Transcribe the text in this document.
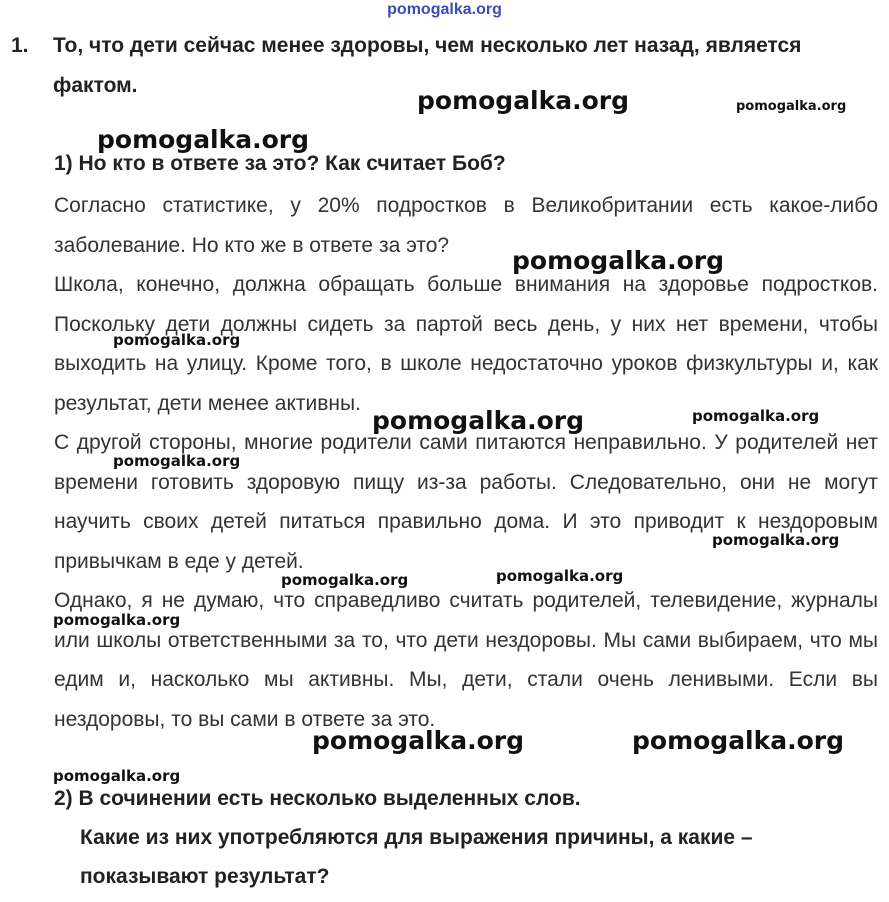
pomogalka.org
1. То, что дети сейчас менее здоровы, чем несколько лет назад, является
фактом.
1) Но кто в ответе за это? Как считает Боб?
Согласно статистике, у 20% подростков в Великобритании есть какое-либо заболевание. Но кто же в ответе за это?
Школа, конечно, должна обращать больше внимания на здоровье подростков. Поскольку дети должны сидеть за партой весь день, у них нет времени, чтобы выходить на улицу. Кроме того, в школе недостаточно уроков физкультуры и, как результат, дети менее активны.
С другой стороны, многие родители сами питаются неправильно. У родителей нет времени готовить здоровую пищу из-за работы. Следовательно, они не могут научить своих детей питаться правильно дома. И это приводит к нездоровым привычкам в еде у детей.
Однако, я не думаю, что справедливо считать родителей, телевидение, журналы или школы ответственными за то, что дети нездоровы. Мы сами выбираем, что мы едим и, насколько мы активны. Мы, дети, стали очень ленивыми. Если вы нездоровы, то вы сами в ответе за это.
2) В сочинении есть несколько выделенных слов.
Какие из них употребляются для выражения причины, а какие –
показывают результат?
pomogalka.org	pomogalka.org
pomogalka.org
pomogalka.org
pomogalka.org
pomogalka.org	pomogalka.org
pomogalka.org
pomogalka.org
pomogalka.org	pomogalka.org
pomogalka.org
pomogalka.org	pomogalka.org
pomogalka.org
